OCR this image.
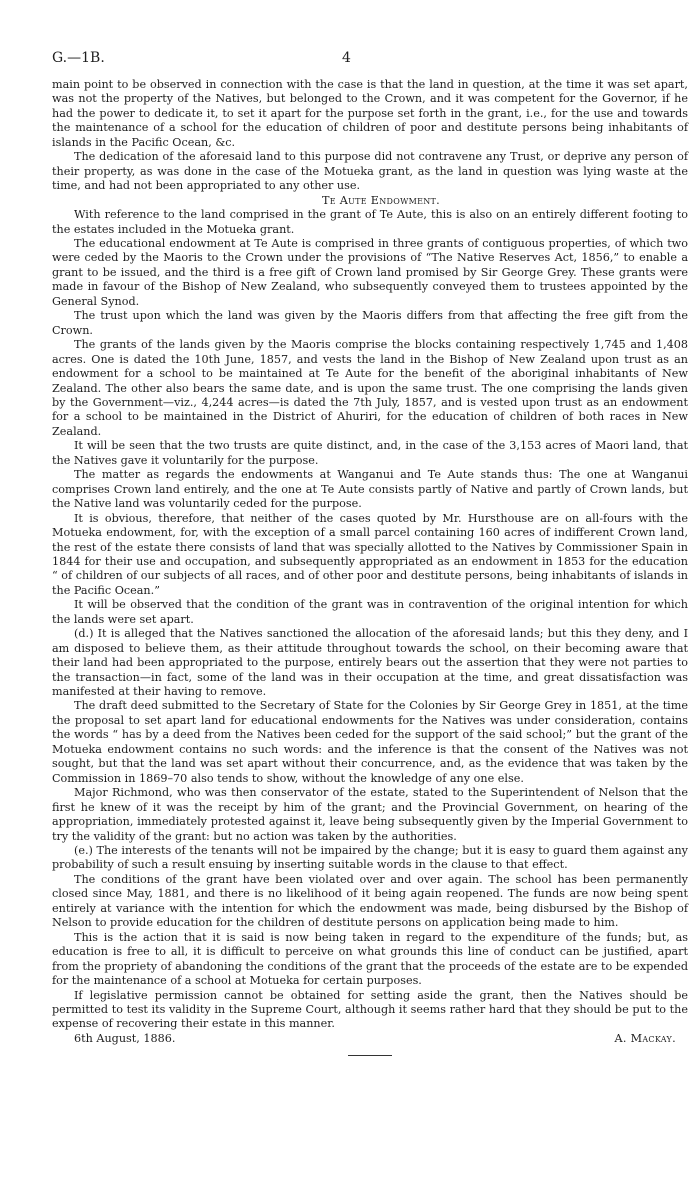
G.—1B.	4

main point to be observed in connection with the case is that the land in question, at the time it was set apart, was not the property of the Natives, but belonged to the Crown, and it was competent for the Governor, if he had the power to dedicate it, to set it apart for the purpose set forth in the grant, i.e., for the use and towards the maintenance of a school for the education of children of poor and destitute persons being inhabitants of islands in the Pacific Ocean, &c.

The dedication of the aforesaid land to this purpose did not contravene any Trust, or deprive any person of their property, as was done in the case of the Motueka grant, as the land in question was lying waste at the time, and had not been appropriated to any other use.

Te Aute Endowment.

With reference to the land comprised in the grant of Te Aute, this is also on an entirely different footing to the estates included in the Motueka grant.

The educational endowment at Te Aute is comprised in three grants of contiguous properties, of which two were ceded by the Maoris to the Crown under the provisions of “The Native Reserves Act, 1856,” to enable a grant to be issued, and the third is a free gift of Crown land promised by Sir George Grey. These grants were made in favour of the Bishop of New Zealand, who subsequently conveyed them to trustees appointed by the General Synod.

The trust upon which the land was given by the Maoris differs from that affecting the free gift from the Crown.

The grants of the lands given by the Maoris comprise the blocks containing respectively 1,745 and 1,408 acres. One is dated the 10th June, 1857, and vests the land in the Bishop of New Zealand upon trust as an endowment for a school to be maintained at Te Aute for the benefit of the aboriginal inhabitants of New Zealand. The other also bears the same date, and is upon the same trust. The one comprising the lands given by the Government—viz., 4,244 acres—is dated the 7th July, 1857, and is vested upon trust as an endowment for a school to be maintained in the District of Ahuriri, for the education of children of both races in New Zealand.

It will be seen that the two trusts are quite distinct, and, in the case of the 3,153 acres of Maori land, that the Natives gave it voluntarily for the purpose.

The matter as regards the endowments at Wanganui and Te Aute stands thus: The one at Wanganui comprises Crown land entirely, and the one at Te Aute consists partly of Native and partly of Crown lands, but the Native land was voluntarily ceded for the purpose.

It is obvious, therefore, that neither of the cases quoted by Mr. Hursthouse are on all-fours with the Motueka endowment, for, with the exception of a small parcel containing 160 acres of indifferent Crown land, the rest of the estate there consists of land that was specially allotted to the Natives by Commissioner Spain in 1844 for their use and occupation, and subsequently appropriated as an endowment in 1853 for the education “ of children of our subjects of all races, and of other poor and destitute persons, being inhabitants of islands in the Pacific Ocean.”

It will be observed that the condition of the grant was in contravention of the original intention for which the lands were set apart.

(d.) It is alleged that the Natives sanctioned the allocation of the aforesaid lands; but this they deny, and I am disposed to believe them, as their attitude throughout towards the school, on their becoming aware that their land had been appropriated to the purpose, entirely bears out the assertion that they were not parties to the transaction—in fact, some of the land was in their occupation at the time, and great dissatisfaction was manifested at their having to remove.

The draft deed submitted to the Secretary of State for the Colonies by Sir George Grey in 1851, at the time the proposal to set apart land for educational endowments for the Natives was under consideration, contains the words “ has by a deed from the Natives been ceded for the support of the said school;” but the grant of the Motueka endowment contains no such words: and the inference is that the consent of the Natives was not sought, but that the land was set apart without their concurrence, and, as the evidence that was taken by the Commission in 1869–70 also tends to show, without the knowledge of any one else.

Major Richmond, who was then conservator of the estate, stated to the Superintendent of Nelson that the first he knew of it was the receipt by him of the grant; and the Provincial Government, on hearing of the appropriation, immediately protested against it, leave being subsequently given by the Imperial Government to try the validity of the grant: but no action was taken by the authorities.

(e.) The interests of the tenants will not be impaired by the change; but it is easy to guard them against any probability of such a result ensuing by inserting suitable words in the clause to that effect.

The conditions of the grant have been violated over and over again. The school has been permanently closed since May, 1881, and there is no likelihood of it being again reopened. The funds are now being spent entirely at variance with the intention for which the endowment was made, being disbursed by the Bishop of Nelson to provide education for the children of destitute persons on application being made to him.

This is the action that it is said is now being taken in regard to the expenditure of the funds; but, as education is free to all, it is difficult to perceive on what grounds this line of conduct can be justified, apart from the propriety of abandoning the conditions of the grant that the proceeds of the estate are to be expended for the maintenance of a school at Motueka for certain purposes.

If legislative permission cannot be obtained for setting aside the grant, then the Natives should be permitted to test its validity in the Supreme Court, although it seems rather hard that they should be put to the expense of recovering their estate in this manner.

6th August, 1886.	A. Mackay.
